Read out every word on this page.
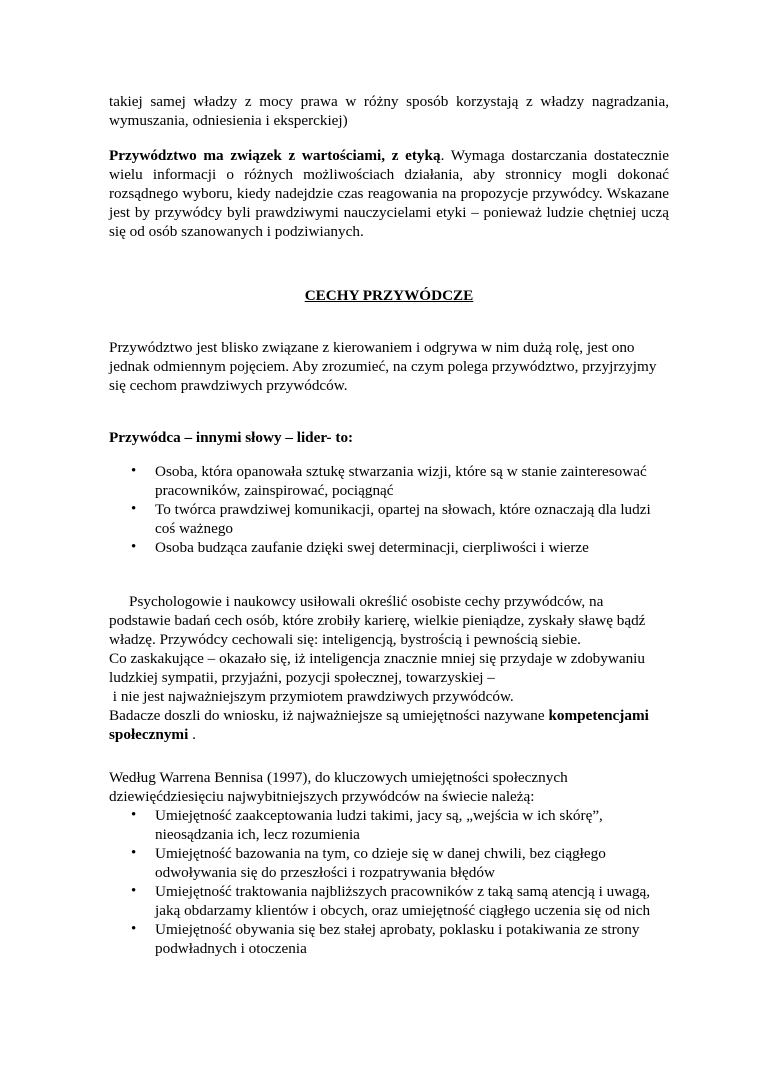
takiej samej władzy z mocy prawa w różny sposób korzystają z władzy nagradzania, wymuszania, odniesienia i eksperckiej)

Przywództwo ma związek z wartościami, z etyką. Wymaga dostarczania dostatecznie wielu informacji o różnych możliwościach działania, aby stronnicy mogli dokonać rozsądnego wyboru, kiedy nadejdzie czas reagowania na propozycje przywódcy. Wskazane jest by przywódcy byli prawdziwymi nauczycielami etyki – ponieważ ludzie chętniej uczą się od osób szanowanych i podziwianych.

CECHY PRZYWÓDCZE

Przywództwo jest blisko związane z kierowaniem i odgrywa w nim dużą rolę, jest ono
jednak odmiennym pojęciem. Aby zrozumieć, na czym polega przywództwo, przyjrzyjmy
się cechom prawdziwych przywódców.

Przywódca – innymi słowy – lider- to:

• Osoba, która opanowała sztukę stwarzania wizji, które są w stanie zainteresować pracowników, zainspirować, pociągnąć
• To twórca prawdziwej komunikacji, opartej na słowach, które oznaczają dla ludzi coś ważnego
• Osoba budząca zaufanie dzięki swej determinacji, cierpliwości i wierze
Psychologowie i naukowcy usiłowali określić osobiste cechy przywódców, na
podstawie badań cech osób, które zrobiły karierę, wielkie pieniądze, zyskały sławę bądź
władzę. Przywódcy cechowali się: inteligencją, bystrością i pewnością siebie.
Co zaskakujące – okazało się, iż inteligencja znacznie mniej się przydaje w zdobywaniu
ludzkiej sympatii, przyjaźni, pozycji społecznej, towarzyskiej –
i nie jest najważniejszym przymiotem prawdziwych przywódców.
Badacze doszli do wniosku, iż najważniejsze są umiejętności nazywane kompetencjami
społecznymi .
Według Warrena Bennisa (1997), do kluczowych umiejętności społecznych
dziewięćdziesięciu najwybitniejszych przywódców na świecie należą:
• Umiejętność zaakceptowania ludzi takimi, jacy są, „wejścia w ich skórę”, nieosądzania ich, lecz rozumienia
• Umiejętność bazowania na tym, co dzieje się w danej chwili, bez ciągłego odwoływania się do przeszłości i rozpatrywania błędów
• Umiejętność traktowania najbliższych pracowników z taką samą atencją i uwagą, jaką obdarzamy klientów i obcych, oraz umiejętność ciągłego uczenia się od nich
• Umiejętność obywania się bez stałej aprobaty, poklasku i potakiwania ze strony podwładnych i otoczenia
